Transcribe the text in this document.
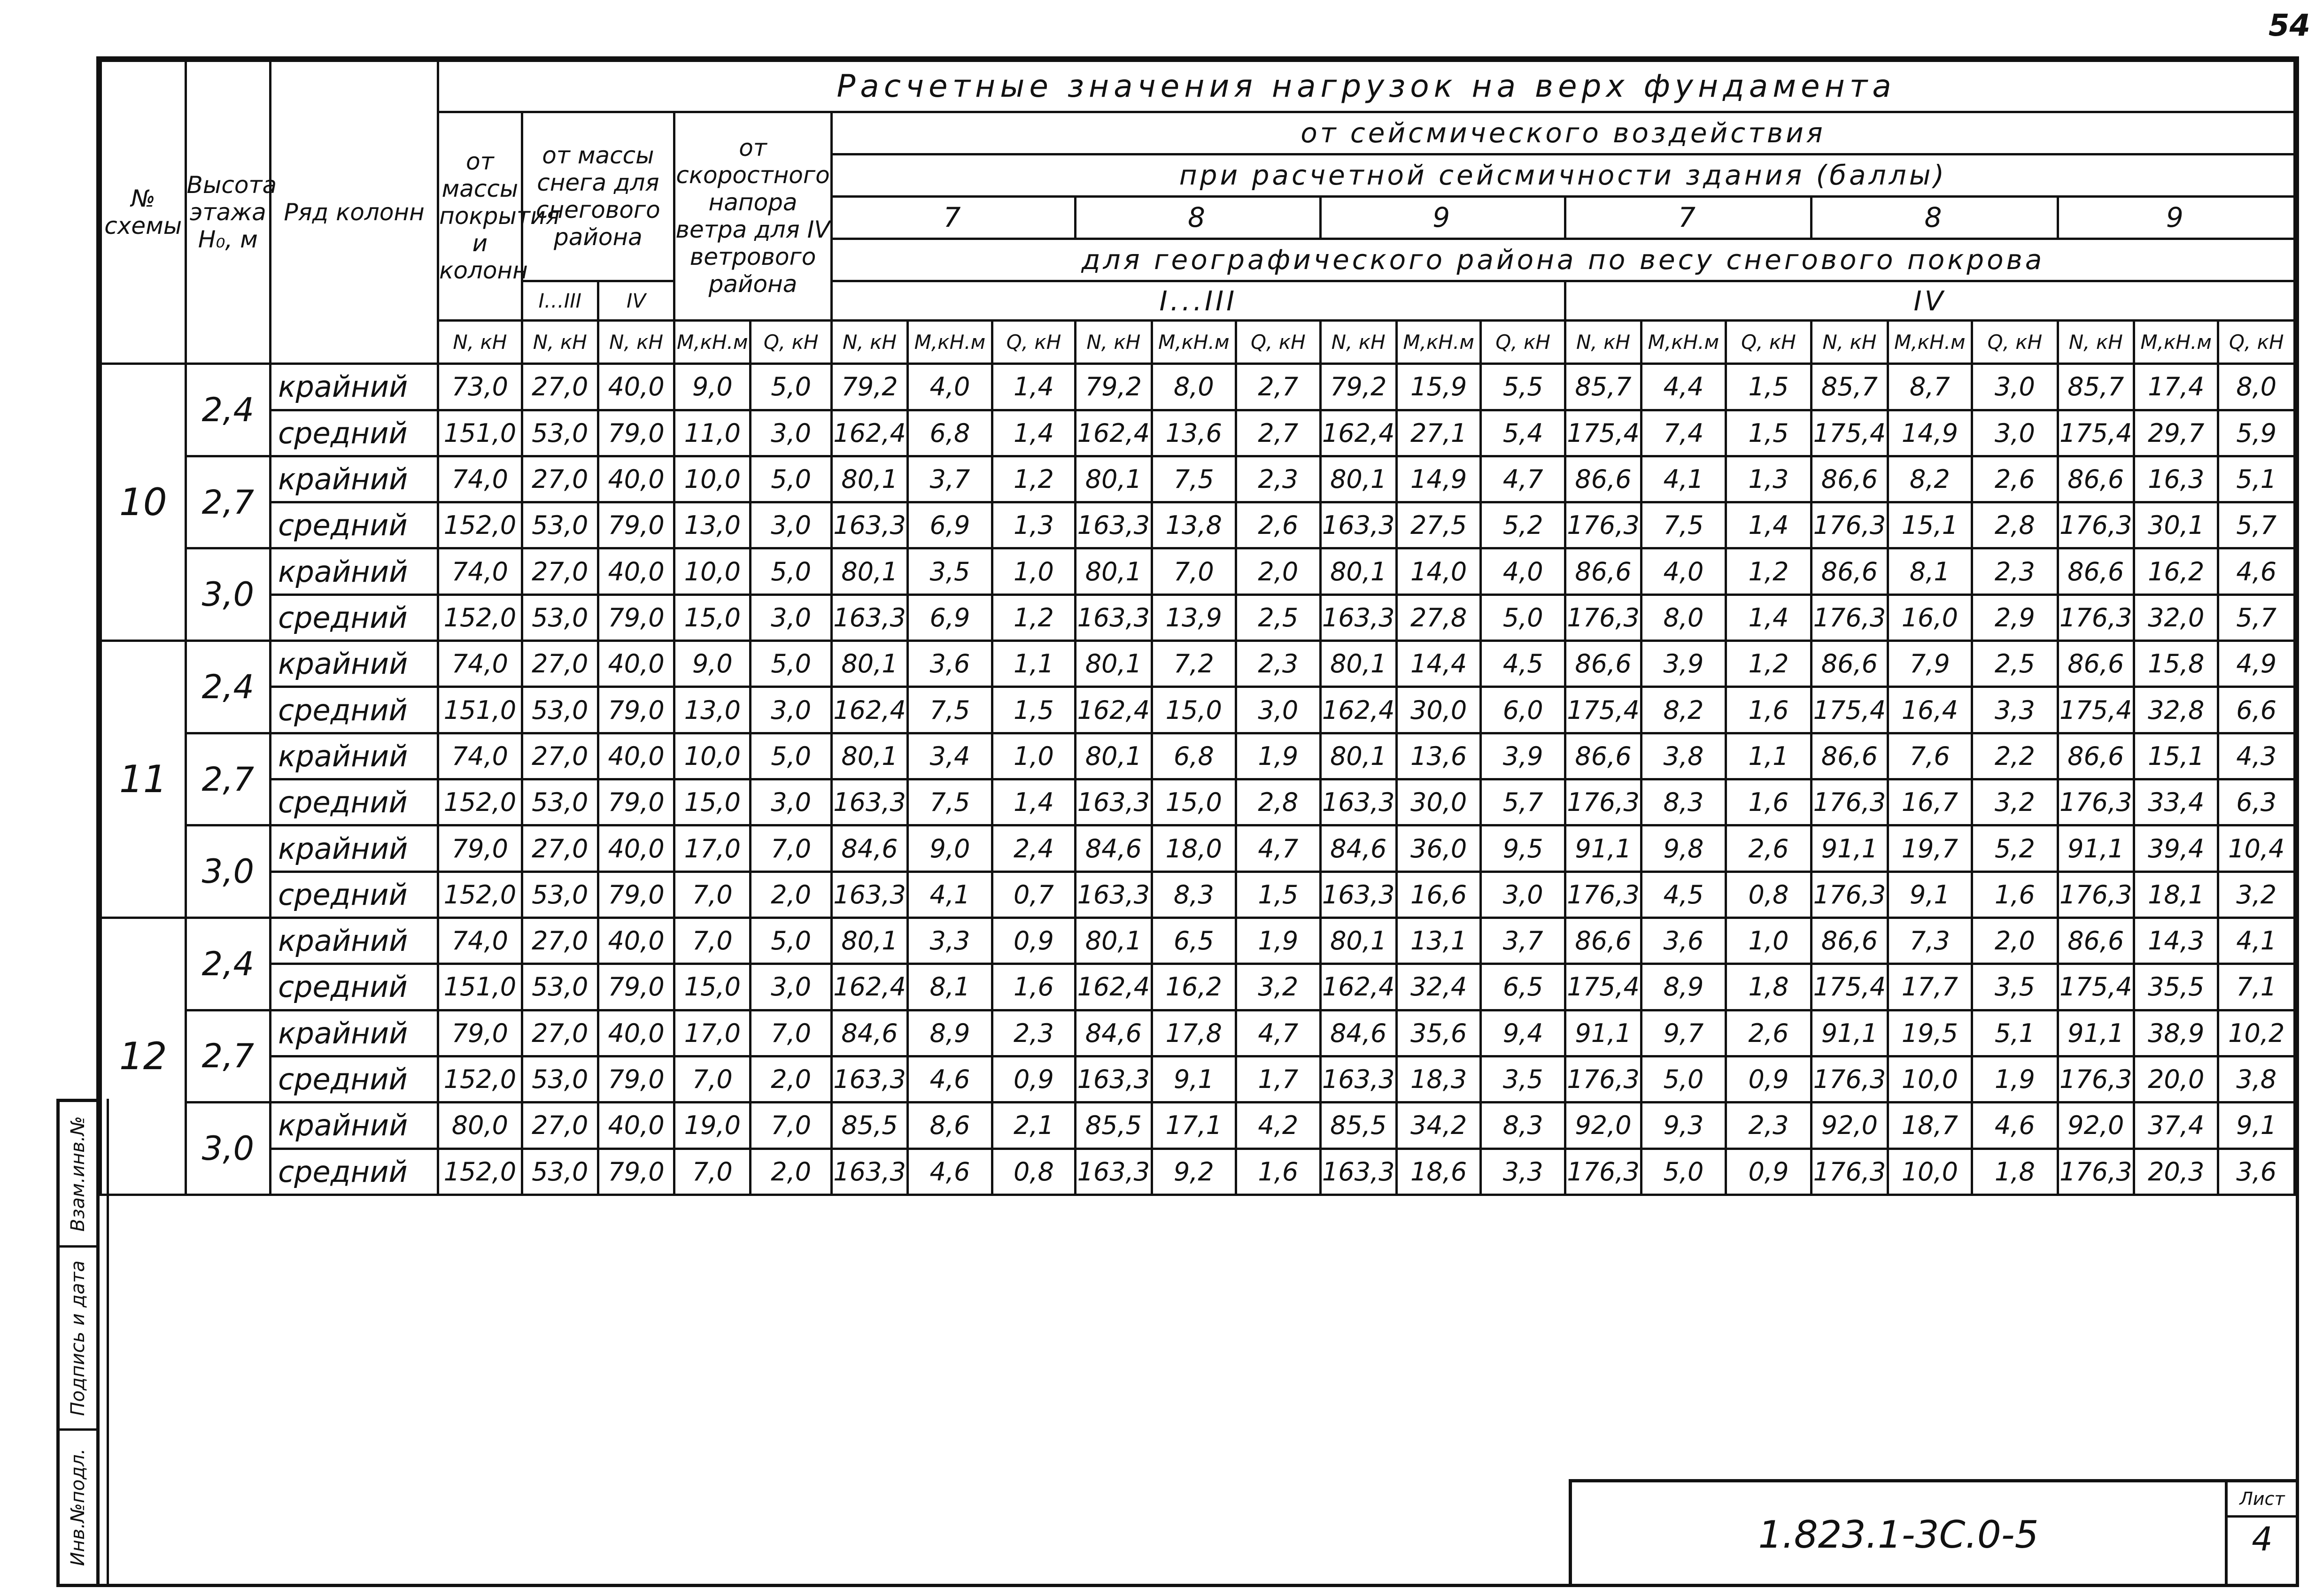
54
Взам.инв.№
Подпись и дата
Инв.№подл.
№ схемы	Высота этажа H₀, м	Ряд колонн	Расчетные значения нагрузок на верх фундамента																						
			от массы покрытия и колонн	от массы снега для снегового района		от скоростного напора ветра для IV ветрового района		от сейсмического воздействия																	
								при расчетной сейсмичности здания (баллы)																	
								7			8			9			7			8			9		
								для географического района по весу снегового покрова																	
				I…III	IV			I...III									IV								
			N, кН	N, кН	N, кН	М,кН.м	Q, кН	N, кН	М,кН.м	Q, кН	N, кН	М,кН.м	Q, кН	N, кН	М,кН.м	Q, кН	N, кН	М,кН.м	Q, кН	N, кН	М,кН.м	Q, кН	N, кН	М,кН.м	Q, кН
10	2,4	крайний	73,0	27,0	40,0	9,0	5,0	79,2	4,0	1,4	79,2	8,0	2,7	79,2	15,9	5,5	85,7	4,4	1,5	85,7	8,7	3,0	85,7	17,4	8,0
		средний	151,0	53,0	79,0	11,0	3,0	162,4	6,8	1,4	162,4	13,6	2,7	162,4	27,1	5,4	175,4	7,4	1,5	175,4	14,9	3,0	175,4	29,7	5,9
	2,7	крайний	74,0	27,0	40,0	10,0	5,0	80,1	3,7	1,2	80,1	7,5	2,3	80,1	14,9	4,7	86,6	4,1	1,3	86,6	8,2	2,6	86,6	16,3	5,1
		средний	152,0	53,0	79,0	13,0	3,0	163,3	6,9	1,3	163,3	13,8	2,6	163,3	27,5	5,2	176,3	7,5	1,4	176,3	15,1	2,8	176,3	30,1	5,7
	3,0	крайний	74,0	27,0	40,0	10,0	5,0	80,1	3,5	1,0	80,1	7,0	2,0	80,1	14,0	4,0	86,6	4,0	1,2	86,6	8,1	2,3	86,6	16,2	4,6
		средний	152,0	53,0	79,0	15,0	3,0	163,3	6,9	1,2	163,3	13,9	2,5	163,3	27,8	5,0	176,3	8,0	1,4	176,3	16,0	2,9	176,3	32,0	5,7
11	2,4	крайний	74,0	27,0	40,0	9,0	5,0	80,1	3,6	1,1	80,1	7,2	2,3	80,1	14,4	4,5	86,6	3,9	1,2	86,6	7,9	2,5	86,6	15,8	4,9
		средний	151,0	53,0	79,0	13,0	3,0	162,4	7,5	1,5	162,4	15,0	3,0	162,4	30,0	6,0	175,4	8,2	1,6	175,4	16,4	3,3	175,4	32,8	6,6
	2,7	крайний	74,0	27,0	40,0	10,0	5,0	80,1	3,4	1,0	80,1	6,8	1,9	80,1	13,6	3,9	86,6	3,8	1,1	86,6	7,6	2,2	86,6	15,1	4,3
		средний	152,0	53,0	79,0	15,0	3,0	163,3	7,5	1,4	163,3	15,0	2,8	163,3	30,0	5,7	176,3	8,3	1,6	176,3	16,7	3,2	176,3	33,4	6,3
	3,0	крайний	79,0	27,0	40,0	17,0	7,0	84,6	9,0	2,4	84,6	18,0	4,7	84,6	36,0	9,5	91,1	9,8	2,6	91,1	19,7	5,2	91,1	39,4	10,4
		средний	152,0	53,0	79,0	7,0	2,0	163,3	4,1	0,7	163,3	8,3	1,5	163,3	16,6	3,0	176,3	4,5	0,8	176,3	9,1	1,6	176,3	18,1	3,2
12	2,4	крайний	74,0	27,0	40,0	7,0	5,0	80,1	3,3	0,9	80,1	6,5	1,9	80,1	13,1	3,7	86,6	3,6	1,0	86,6	7,3	2,0	86,6	14,3	4,1
		средний	151,0	53,0	79,0	15,0	3,0	162,4	8,1	1,6	162,4	16,2	3,2	162,4	32,4	6,5	175,4	8,9	1,8	175,4	17,7	3,5	175,4	35,5	7,1
	2,7	крайний	79,0	27,0	40,0	17,0	7,0	84,6	8,9	2,3	84,6	17,8	4,7	84,6	35,6	9,4	91,1	9,7	2,6	91,1	19,5	5,1	91,1	38,9	10,2
		средний	152,0	53,0	79,0	7,0	2,0	163,3	4,6	0,9	163,3	9,1	1,7	163,3	18,3	3,5	176,3	5,0	0,9	176,3	10,0	1,9	176,3	20,0	3,8
	3,0	крайний	80,0	27,0	40,0	19,0	7,0	85,5	8,6	2,1	85,5	17,1	4,2	85,5	34,2	8,3	92,0	9,3	2,3	92,0	18,7	4,6	92,0	37,4	9,1
		средний	152,0	53,0	79,0	7,0	2,0	163,3	4,6	0,8	163,3	9,2	1,6	163,3	18,6	3,3	176,3	5,0	0,9	176,3	10,0	1,8	176,3	20,3	3,6
1.823.1-3С.0-5
Лист
4
